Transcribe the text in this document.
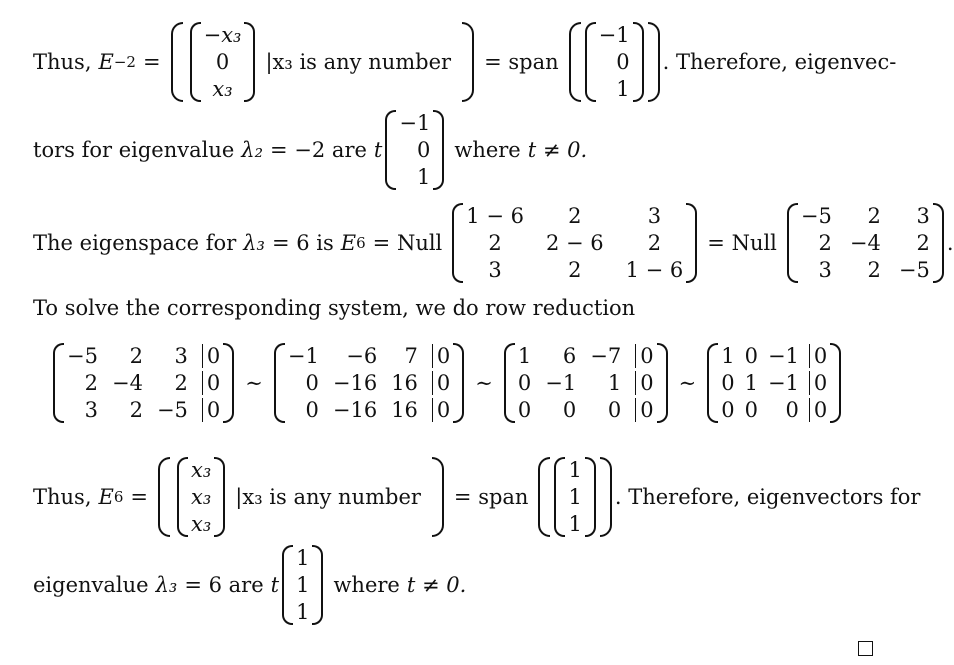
Thus, E −2 =
−x₃
0
x₃
|x₃ is any number = span
−1
0
1
. Therefore, eigenvec-
tors for eigenvalue λ₂ = −2 are t
−1
0
1
where t ≠ 0.
The eigenspace for λ₃ = 6 is E 6 = Null
1 − 6	2	3
2	2 − 6	2
3	2	1 − 6
= Null
−5	2	3
2 −4	2
3	2 −5
.
To solve the corresponding system, we do row reduction
−5	2	3 0
2 −4	2 0
3	2 −5 0
∼
−1	−6	7 0
0 −16 16 0
0 −16 16 0
∼
1	6 −7 0
0 −1	1 0
0	0	0 0
∼
1 0 −1 0
0 1 −1 0
0 0	0 0
Thus, E 6 =
x₃
x₃
x₃
|x₃ is any number = span
1
1
1
. Therefore, eigenvectors for
eigenvalue λ₃ = 6 are t
1
1
1
where t ≠ 0.
